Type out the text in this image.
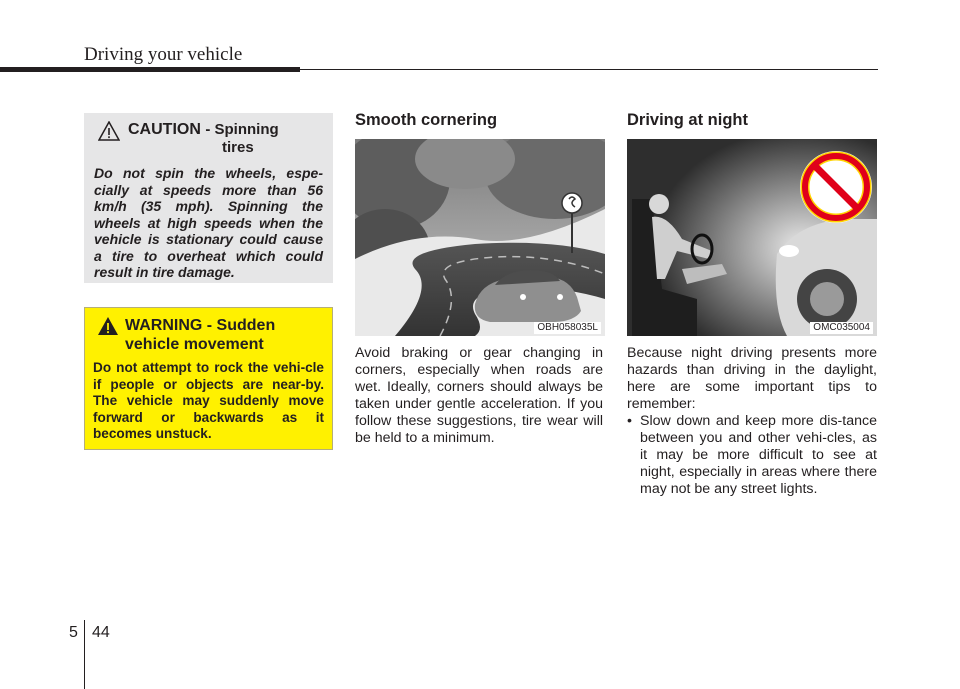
Driving your vehicle
CAUTION - Spinning
tires
Do not spin the wheels, espe-cially at speeds more than 56 km/h (35 mph). Spinning the wheels at high speeds when the vehicle is stationary could cause a tire to overheat which could result in tire damage.
WARNING - Sudden
vehicle movement
Do not attempt to rock the vehi-cle if people or objects are near-by. The vehicle may suddenly move forward or backwards as it becomes unstuck.
Smooth cornering
OBH058035L
Avoid braking or gear changing in corners, especially when roads are wet. Ideally, corners should always be taken under gentle acceleration. If you follow these suggestions, tire wear will be held to a minimum.
Driving at night
OMC035004
Because night driving presents more hazards than driving in the daylight, here are some important tips to remember:
• Slow down and keep more dis-tance between you and other vehi-cles, as it may be more difficult to see at night, especially in areas where there may not be any street lights.
5 44
